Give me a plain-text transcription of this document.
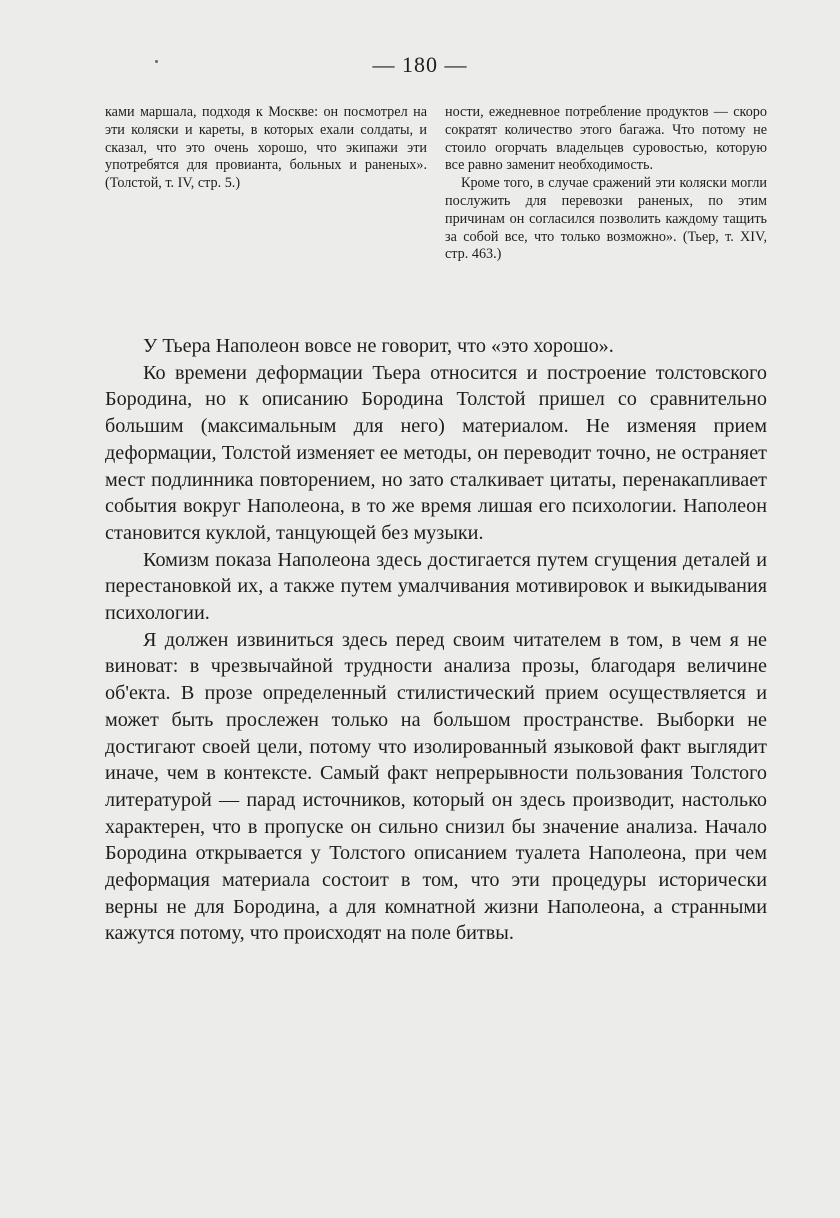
— 180 —

ками маршала, подходя к Москве: он посмотрел на эти коляски и кареты, в которых ехали солдаты, и сказал, что это очень хорошо, что экипажи эти употребятся для провианта, больных и раненых». (Толстой, т. IV, стр. 5.)

ности, ежедневное потребление продуктов — скоро сократят количество этого багажа. Что потому не стоило огорчать владельцев суровостью, которую все равно заменит необходимость.

Кроме того, в случае сражений эти коляски могли послужить для перевозки раненых, по этим причинам он согласился позволить каждому тащить за собой все, что только возможно». (Тьер, т. XIV, стр. 463.)

У Тьера Наполеон вовсе не говорит, что «это хорошо».

Ко времени деформации Тьера относится и построение толстовского Бородина, но к описанию Бородина Толстой пришел со сравнительно большим (максимальным для него) материалом. Не изменяя прием деформации, Толстой изменяет ее методы, он переводит точно, не остраняет мест подлинника повторением, но зато сталкивает цитаты, перенакапливает события вокруг Наполеона, в то же время лишая его психологии. Наполеон становится куклой, танцующей без музыки.

Комизм показа Наполеона здесь достигается путем сгущения деталей и перестановкой их, а также путем умалчивания мотивировок и выкидывания психологии.

Я должен извиниться здесь перед своим читателем в том, в чем я не виноват: в чрезвычайной трудности анализа прозы, благодаря величине об'екта. В прозе определенный стилистический прием осуществляется и может быть прослежен только на большом пространстве. Выборки не достигают своей цели, потому что изолированный языковой факт выглядит иначе, чем в контексте. Самый факт непрерывности пользования Толстого литературой — парад источников, который он здесь производит, настолько характерен, что в пропуске он сильно снизил бы значение анализа. Начало Бородина открывается у Толстого описанием туалета Наполеона, при чем деформация материала состоит в том, что эти процедуры исторически верны не для Бородина, а для комнатной жизни Наполеона, а странными кажутся потому, что происходят на поле битвы.
